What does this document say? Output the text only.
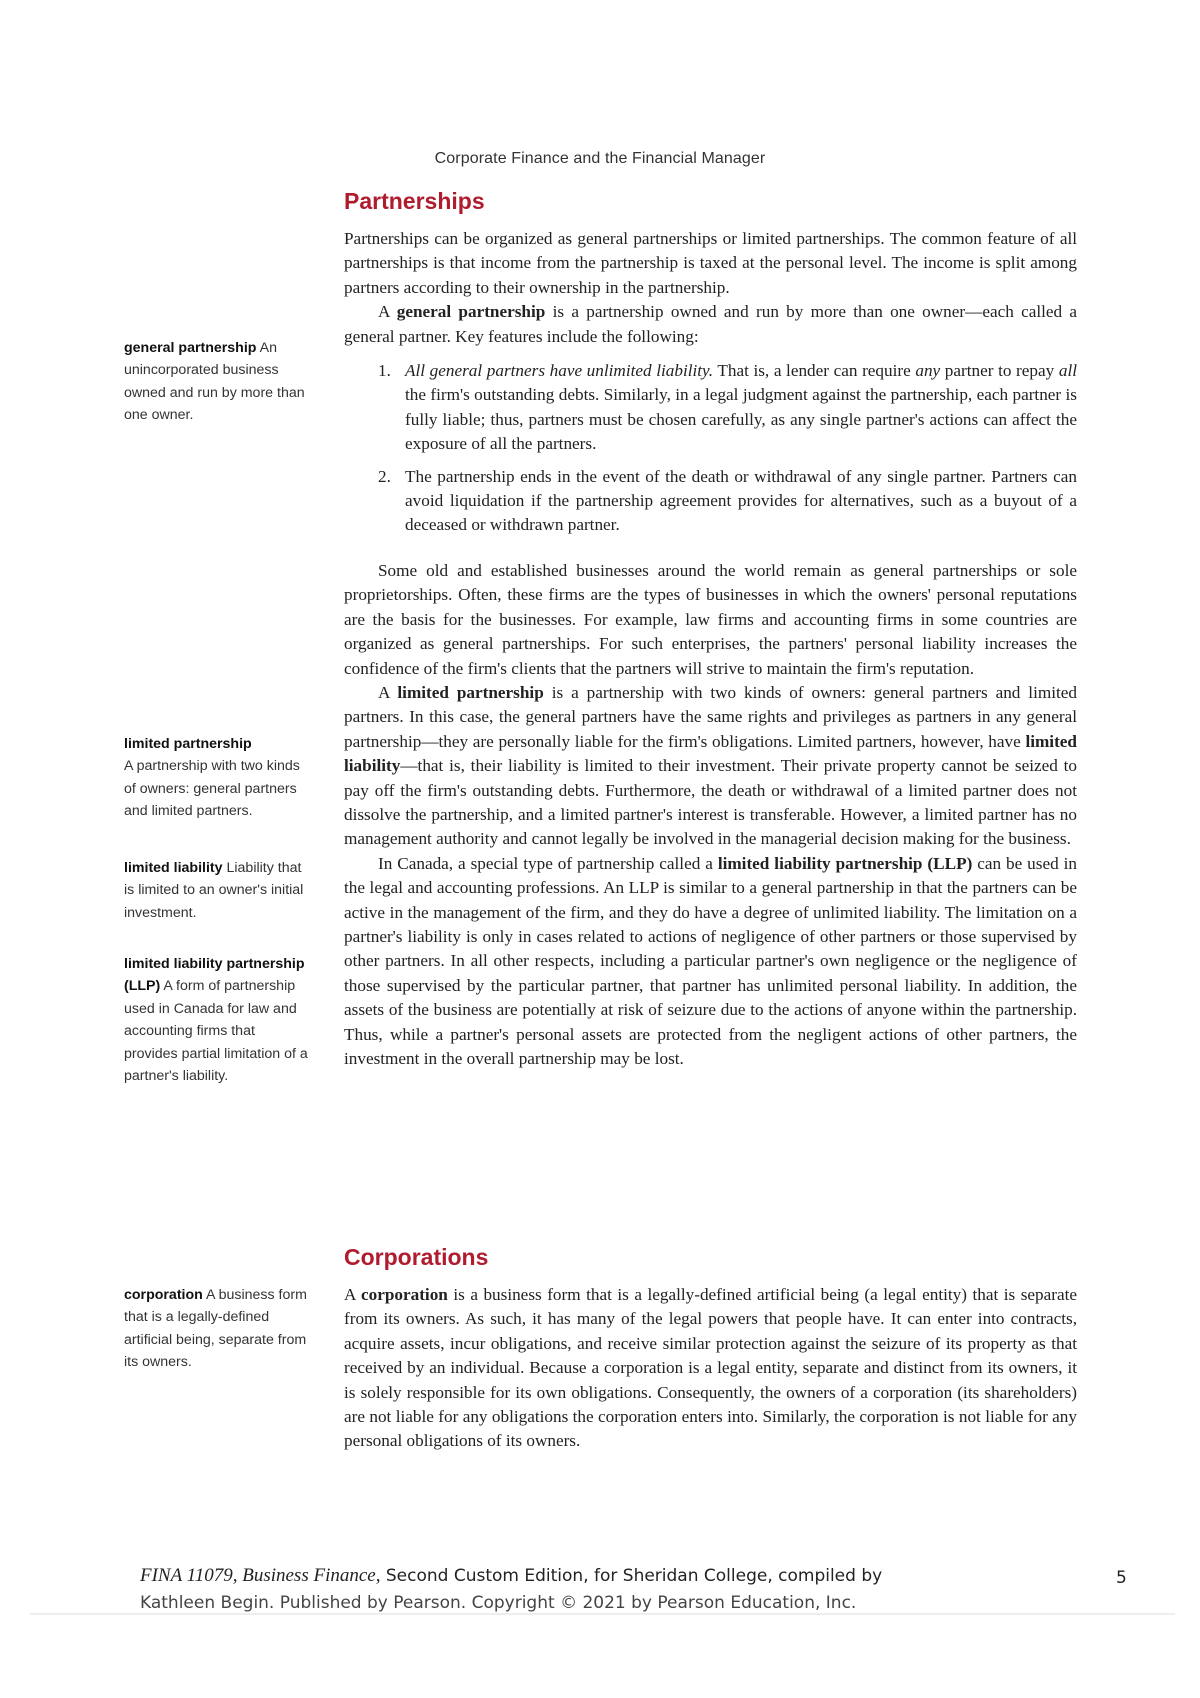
Corporate Finance and the Financial Manager
Partnerships

Partnerships can be organized as general partnerships or limited partnerships. The common feature of all partnerships is that income from the partnership is taxed at the personal level. The income is split among partners according to their ownership in the partnership.

A general partnership is a partnership owned and run by more than one owner—each called a general partner. Key features include the following:

1. All general partners have unlimited liability. That is, a lender can require any partner to repay all the firm's outstanding debts. Similarly, in a legal judgment against the partnership, each partner is fully liable; thus, partners must be chosen carefully, as any single partner's actions can affect the exposure of all the partners.
2. The partnership ends in the event of the death or withdrawal of any single partner. Partners can avoid liquidation if the partnership agreement provides for alternatives, such as a buyout of a deceased or withdrawn partner.

Some old and established businesses around the world remain as general partnerships or sole proprietorships. Often, these firms are the types of businesses in which the owners' personal reputations are the basis for the businesses. For example, law firms and accounting firms in some countries are organized as general partnerships. For such enterprises, the partners' personal liability increases the confidence of the firm's clients that the partners will strive to maintain the firm's reputation.

A limited partnership is a partnership with two kinds of owners: general partners and limited partners. In this case, the general partners have the same rights and privileges as partners in any general partnership—they are personally liable for the firm's obligations. Limited partners, however, have limited liability—that is, their liability is limited to their investment. Their private property cannot be seized to pay off the firm's outstanding debts. Furthermore, the death or withdrawal of a limited partner does not dissolve the partnership, and a limited partner's interest is transferable. However, a limited partner has no management authority and cannot legally be involved in the managerial decision making for the business.

In Canada, a special type of partnership called a limited liability partnership (LLP) can be used in the legal and accounting professions. An LLP is similar to a general partnership in that the partners can be active in the management of the firm, and they do have a degree of unlimited liability. The limitation on a partner's liability is only in cases related to actions of negligence of other partners or those supervised by other partners. In all other respects, including a particular partner's own negligence or the negligence of those supervised by the particular partner, that partner has unlimited personal liability. In addition, the assets of the business are potentially at risk of seizure due to the actions of anyone within the partnership. Thus, while a partner's personal assets are protected from the negligent actions of other partners, the investment in the overall partnership may be lost.

Corporations

A corporation is a business form that is a legally-defined artificial being (a legal entity) that is separate from its owners. As such, it has many of the legal powers that people have. It can enter into contracts, acquire assets, incur obligations, and receive similar protection against the seizure of its property as that received by an individual. Because a corporation is a legal entity, separate and distinct from its owners, it is solely responsible for its own obligations. Consequently, the owners of a corporation (its shareholders) are not liable for any obligations the corporation enters into. Similarly, the corporation is not liable for any personal obligations of its owners.

general partnership An unincorporated business owned and run by more than one owner.
limited partnership
A partnership with two kinds of owners: general partners and limited partners.
limited liability Liability that is limited to an owner's initial investment.
limited liability partnership (LLP) A form of partnership used in Canada for law and accounting firms that provides partial limitation of a partner's liability.
corporation A business form that is a legally-defined artificial being, separate from its owners.
FINA 11079, Business Finance, Second Custom Edition, for Sheridan College, compiled by
Kathleen Begin. Published by Pearson. Copyright © 2021 by Pearson Education, Inc.
5
